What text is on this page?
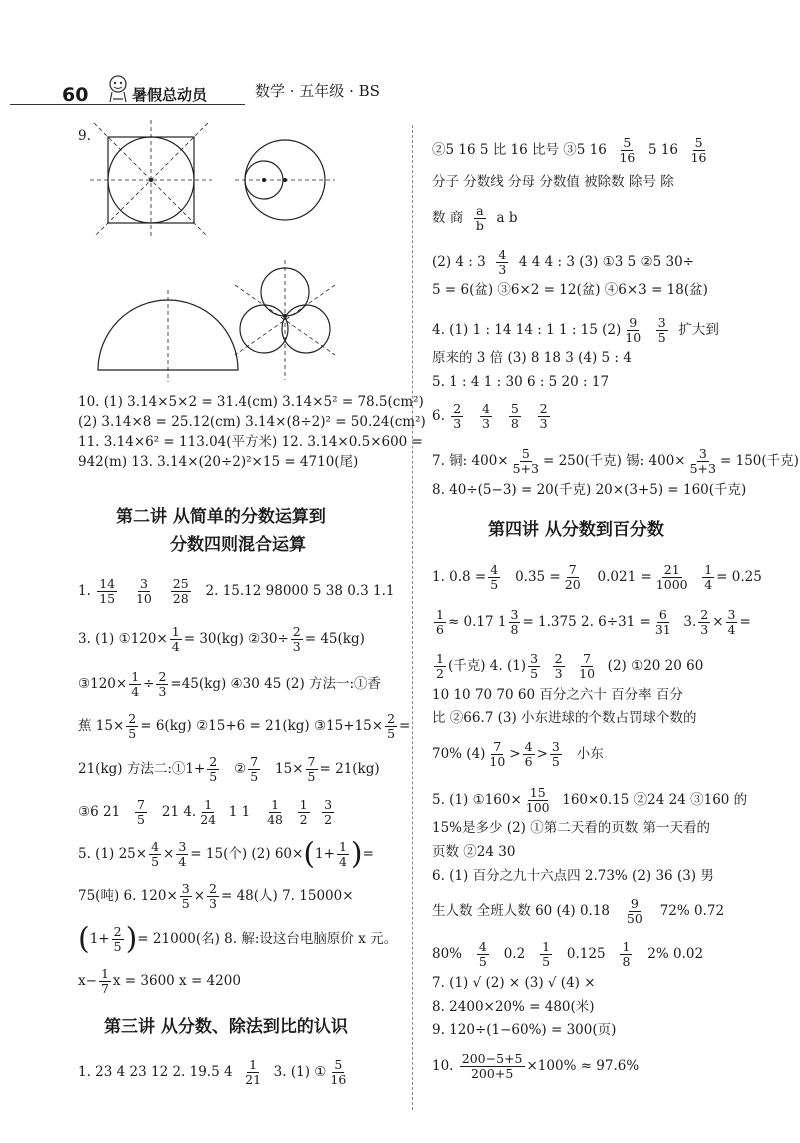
60	暑假总动员	数学 · 五年级 · BS
9.
10. (1) 3.14×5×2 = 31.4(cm) 3.14×5² = 78.5(cm²)
(2) 3.14×8 = 25.12(cm) 3.14×(8÷2)² = 50.24(cm²)
11. 3.14×6² = 113.04(平方米) 12. 3.14×0.5×600 =
942(m) 13. 3.14×(20÷2)²×15 = 4710(尾)
第二讲 从简单的分数运算到
分数四则混合运算
1. $\frac{14}{15}$
$\frac{3}{10}$
$\frac{25}{28} 2$. 15.12 98000 5 38 0.3 1.1
3. (1) ①120× $\frac{1}{4} = 30(kg)$ ②30÷ $\frac{2}{3} = 45(kg)$
③120× $\frac{1}{4} \div \frac{2}{3} =45(kg)$ ④30 45 (2) 方法一:①香
蕉 $15\times \frac{2}{5} = 6(kg)$ ②15+6 = 21(kg) ③15+15× $\frac{2}{5}$ =
21(kg) 方法二:①1+ $\frac{2}{5}$ ② $\frac{7}{5} 15\times \frac{7}{5} = 21(kg)$
③6 $21 \frac{7}{5} 21$ 4. $\frac{1}{24} 1$ $1 \frac{1}{48}$
$\frac{1}{2}$
$\frac{3}{2}$
5. (1) $25\times \frac{4}{5} \times \frac{3}{4} = 15$(个) (2) $60\times(1+ \frac{1}{4}$ )=
75(吨) 6. $120\times \frac{3}{5} \times \frac{2}{3} = 48$(人) 7. 15000×
($1+ \frac{2}{5}$ )= 21000(名) 8. 解:设这台电脑原价 x 元。
$x- \frac{1}{7}$ x = 3600 x = 4200
第三讲 从分数、除法到比的认识
1. 23 4 23 12 2. 19.5 $4 \frac{1}{21} 3$. (1) ① $\frac{5}{16}$
②5 16 5 比 16 比号 ③5 $16 \frac{5}{16} 5$ $16 \frac{5}{16}$
分子 分数线 分母 分数值 被除数 除号 除
数 商 $\frac{a}{b}$ a b
(2) 4 : $3 \frac{4}{3} 4$ 4 4 : 3 (3) ①3 5 ②5 30÷
5 = 6(盆) ③6×2 = 12(盆) ④6×3 = 18(盆)
4. (1) 1 : 14 14 : 1 1 : 15 $(2) \frac{9}{10}$
$\frac{3}{5}$ 扩大到
原来的 3 倍 (3) 8 18 3 (4) 5 : 4
5. 1 : 4 1 : 30 6 : 5 20 : 17
6. $\frac{2}{3}$
$\frac{4}{3}$
$\frac{5}{8}$
$\frac{2}{3}$
7. 铜: $400\times \frac{5}{5+3} = 250$(千克) 锡: $400\times \frac{3}{5+3} = 150$(千克)
8. 40÷(5−3) = 20(千克) 20×(3+5) = 160(千克)
第四讲 从分数到百分数
1. $0.8 = \frac{4}{5} 0.35 = \frac{7}{20} 0.021 = \frac{21}{1000}$
$\frac{1}{4} = 0.25$
$\frac{1}{6} \approx 0.17$ $1 \frac{3}{8} = 1.375$ 2. $6\div 31 = \frac{6}{31} 3$. $\frac{2}{3} \times \frac{3}{4}$ =
$\frac{1}{2}$ (千克) 4. $(1) \frac{3}{5}$
$\frac{2}{3}$
$\frac{7}{10} (2)$ ①20 20 60
10 10 70 70 60 百分之六十 百分率 百分
比 ②66.7 (3) 小东进球的个数占罚球个数的
70% $(4) \frac{7}{10} > \frac{4}{6} > \frac{3}{5}$ 小东
5. (1) ①160× $\frac{15}{100} 160\times 0.15$ ②24 24 ③160 的
15%是多少 (2) ①第二天看的页数 第一天看的
页数 ②24 30
6. (1) 百分之九十六点四 2.73% (2) 36 (3) 男
生人数 全班人数 60 (4) $0.18 \frac{9}{50} 72\%$ 0.72
$80\% \frac{4}{5} 0.2 \frac{1}{5} 0.125 \frac{1}{8} 2\%$ 0.02
7. (1) √ (2) × (3) √ (4) ×
8. 2400×20% = 480(米)
9. 120÷(1−60%) = 300(页)
10. $\frac{200-5+5}{200+5} \times 100\% \approx 97.6\%$
